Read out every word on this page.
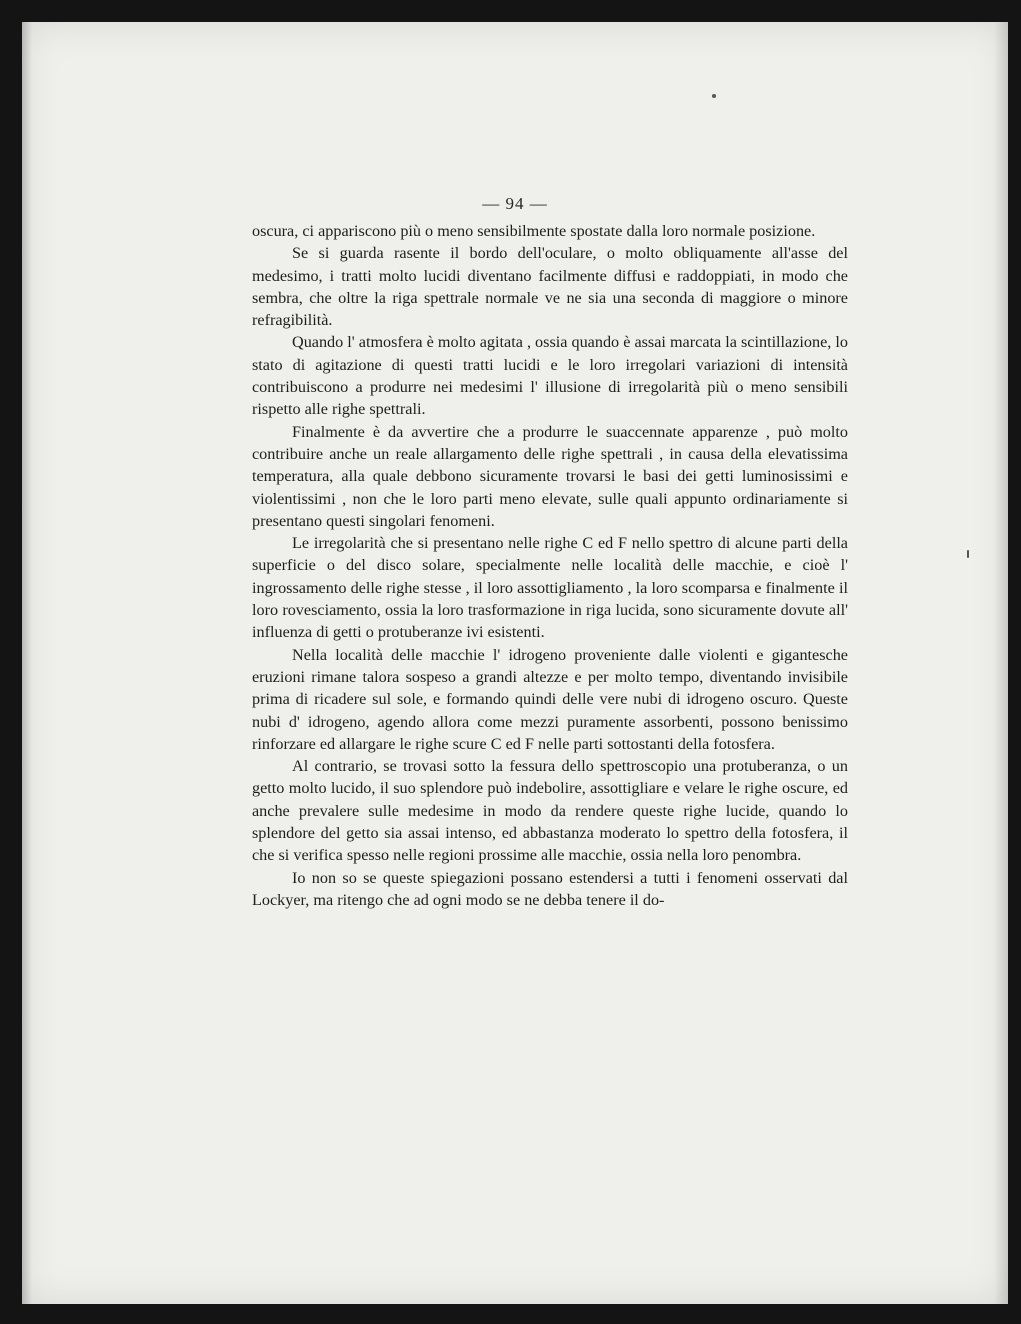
— 94 —

oscura, ci appariscono più o meno sensibilmente spostate dalla loro normale posizione.

Se si guarda rasente il bordo dell'oculare, o molto obliquamente all'asse del medesimo, i tratti molto lucidi diventano facilmente diffusi e raddoppiati, in modo che sembra, che oltre la riga spettrale normale ve ne sia una seconda di maggiore o minore refragibilità.

Quando l' atmosfera è molto agitata , ossia quando è assai marcata la scintillazione, lo stato di agitazione di questi tratti lucidi e le loro irregolari variazioni di intensità contribuiscono a produrre nei medesimi l' illusione di irregolarità più o meno sensibili rispetto alle righe spettrali.

Finalmente è da avvertire che a produrre le suaccennate apparenze , può molto contribuire anche un reale allargamento delle righe spettrali , in causa della elevatissima temperatura, alla quale debbono sicuramente trovarsi le basi dei getti luminosissimi e violentissimi , non che le loro parti meno elevate, sulle quali appunto ordinariamente si presentano questi singolari fenomeni.

Le irregolarità che si presentano nelle righe C ed F nello spettro di alcune parti della superficie o del disco solare, specialmente nelle località delle macchie, e cioè l' ingrossamento delle righe stesse , il loro assottigliamento , la loro scomparsa e finalmente il loro rovesciamento, ossia la loro trasformazione in riga lucida, sono sicuramente dovute all' influenza di getti o protuberanze ivi esistenti.

Nella località delle macchie l' idrogeno proveniente dalle violenti e gigantesche eruzioni rimane talora sospeso a grandi altezze e per molto tempo, diventando invisibile prima di ricadere sul sole, e formando quindi delle vere nubi di idrogeno oscuro. Queste nubi d' idrogeno, agendo allora come mezzi puramente assorbenti, possono benissimo rinforzare ed allargare le righe scure C ed F nelle parti sottostanti della fotosfera.

Al contrario, se trovasi sotto la fessura dello spettroscopio una protuberanza, o un getto molto lucido, il suo splendore può indebolire, assottigliare e velare le righe oscure, ed anche prevalere sulle medesime in modo da rendere queste righe lucide, quando lo splendore del getto sia assai intenso, ed abbastanza moderato lo spettro della fotosfera, il che si verifica spesso nelle regioni prossime alle macchie, ossia nella loro penombra.

Io non so se queste spiegazioni possano estendersi a tutti i fenomeni osservati dal Lockyer, ma ritengo che ad ogni modo se ne debba tenere il do-
